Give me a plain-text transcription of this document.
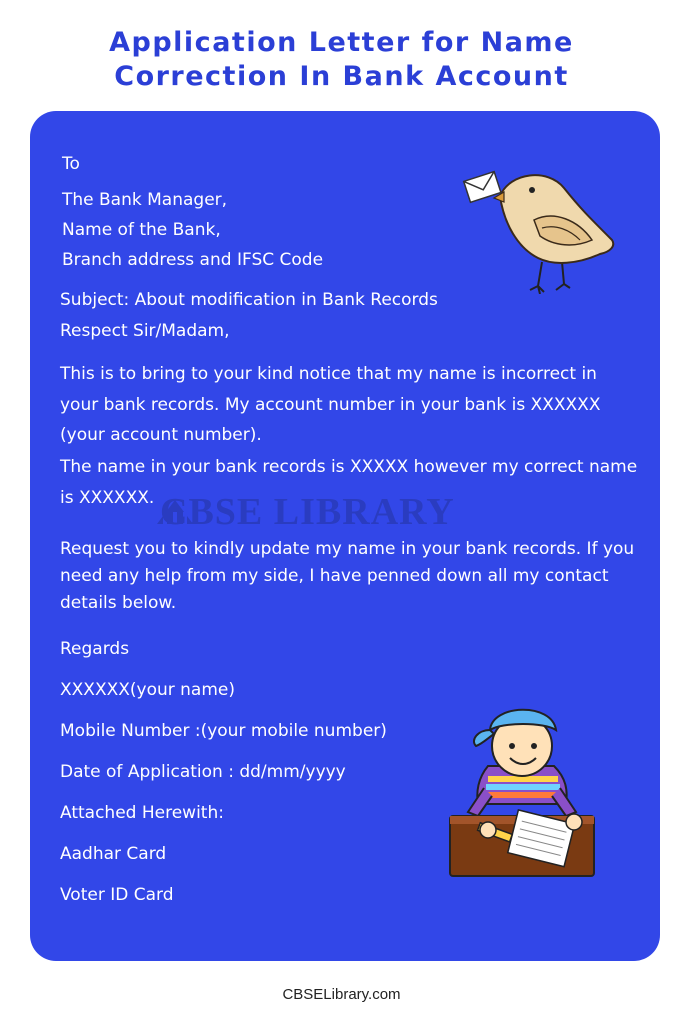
Application Letter for Name
Correction In Bank Account
CBSE LIBRARY
To
The Bank Manager,
Name of the Bank,
Branch address and IFSC Code
Subject: About modification in Bank Records
Respect Sir/Madam,
This is to bring to your kind notice that my name is incorrect in your bank records. My account number in your bank is XXXXXX (your account number).
The name in your bank records is XXXXX however my correct name is XXXXXX.
Request you to kindly update my name in your bank records. If you need any help from my side, I have penned down all my contact details below.
Regards
XXXXXX(your name)
Mobile Number :(your mobile number)
Date of Application : dd/mm/yyyy
Attached Herewith:
Aadhar Card
Voter ID Card
CBSELibrary.com
